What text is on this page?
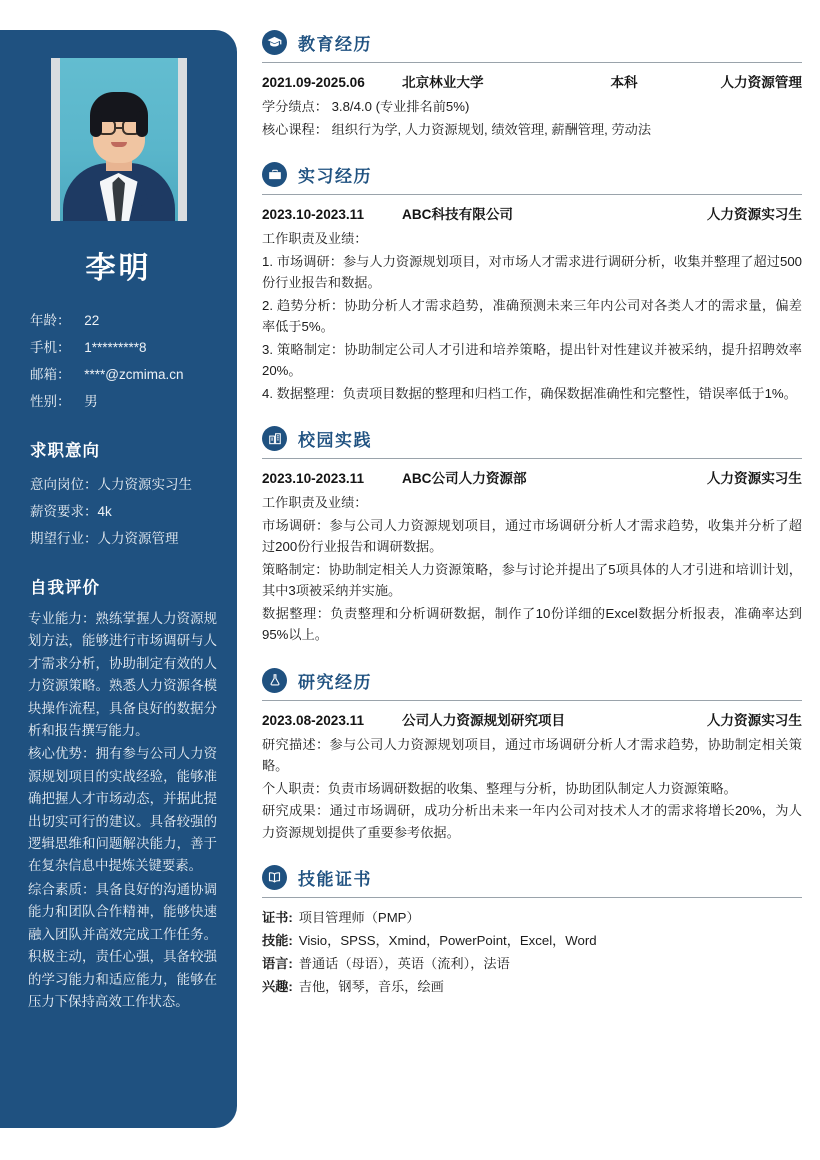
李明
年龄： 22
手机： 1*********8
邮箱： ****@zcmima.cn
性别： 男
求职意向
意向岗位：人力资源实习生
薪资要求：4k
期望行业：人力资源管理
自我评价
专业能力：熟练掌握人力资源规划方法，能够进行市场调研与人才需求分析，协助制定有效的人力资源策略。熟悉人力资源各模块操作流程，具备良好的数据分析和报告撰写能力。
核心优势：拥有参与公司人力资源规划项目的实战经验，能够准确把握人才市场动态，并据此提出切实可行的建议。具备较强的逻辑思维和问题解决能力，善于在复杂信息中提炼关键要素。
综合素质：具备良好的沟通协调能力和团队合作精神，能够快速融入团队并高效完成工作任务。积极主动，责任心强，具备较强的学习能力和适应能力，能够在压力下保持高效工作状态。
教育经历
2021.09-2025.06	北京林业大学	本科	人力资源管理
学分绩点： 3.8/4.0 (专业排名前5%)
核心课程： 组织行为学, 人力资源规划, 绩效管理, 薪酬管理, 劳动法
实习经历
2023.10-2023.11	ABC科技有限公司	人力资源实习生
工作职责及业绩：
1. 市场调研：参与人力资源规划项目，对市场人才需求进行调研分析，收集并整理了超过500份行业报告和数据。
2. 趋势分析：协助分析人才需求趋势，准确预测未来三年内公司对各类人才的需求量，偏差率低于5%。
3. 策略制定：协助制定公司人才引进和培养策略，提出针对性建议并被采纳，提升招聘效率20%。
4. 数据整理：负责项目数据的整理和归档工作，确保数据准确性和完整性，错误率低于1%。
校园实践
2023.10-2023.11	ABC公司人力资源部	人力资源实习生
工作职责及业绩：
市场调研：参与公司人力资源规划项目，通过市场调研分析人才需求趋势，收集并分析了超过200份行业报告和调研数据。
策略制定：协助制定相关人力资源策略，参与讨论并提出了5项具体的人才引进和培训计划，其中3项被采纳并实施。
数据整理：负责整理和分析调研数据，制作了10份详细的Excel数据分析报表，准确率达到95%以上。
研究经历
2023.08-2023.11	公司人力资源规划研究项目	人力资源实习生
研究描述：参与公司人力资源规划项目，通过市场调研分析人才需求趋势，协助制定相关策略。
个人职责：负责市场调研数据的收集、整理与分析，协助团队制定人力资源策略。
研究成果：通过市场调研，成功分析出未来一年内公司对技术人才的需求将增长20%，为人力资源规划提供了重要参考依据。
技能证书
证书: 项目管理师（PMP）
技能: Visio，SPSS，Xmind，PowerPoint，Excel，Word
语言: 普通话（母语），英语（流利），法语
兴趣: 吉他，钢琴，音乐，绘画
